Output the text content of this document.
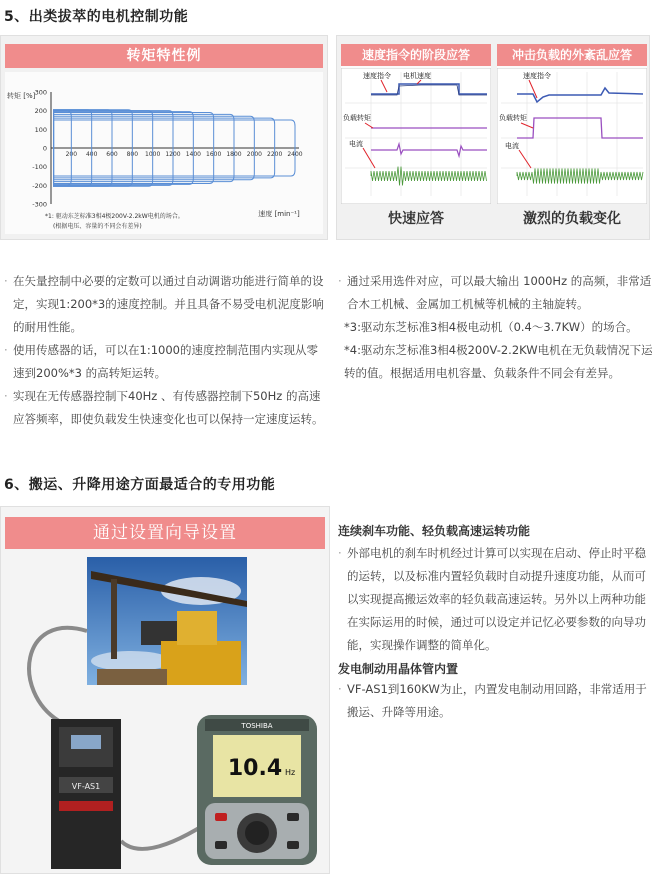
5、出类拔萃的电机控制功能
转矩特性例
转矩 [%] 300
200
100
0
-100
-200
-300
200 400 600 800 1000 1200 1400 1600 1800 2000 2200 2400
速度 [min⁻¹]
*1: 驱动东芝标准3相4极200V-2.2kW电机的场合。
(根据电压、容量的不同会有差异)
速度指令的阶段应答
速度指令 电机速度
负载转矩
电流
快速应答
冲击负载的外紊乱应答
速度指令
负载转矩
电流
激烈的负载变化

· 在矢量控制中必要的定数可以通过自动调谐功能进行简单的设定，实现1:200*3的速度控制。并且具备不易受电机泥度影响的耐用性能。

· 使用传感器的话，可以在1:1000的速度控制范围内实现从零速到200%*3 的高转矩运转。

· 实现在无传感器控制下40Hz 、有传感器控制下50Hz 的高速应答频率，即使负载发生快速变化也可以保持一定速度运转。

· 通过采用选件对应，可以最大输出 1000Hz 的高频，非常适合木工机械、金属加工机械等机械的主轴旋转。

*3:驱动东芝标准3相4极电动机（0.4～3.7KW）的场合。

*4:驱动东芝标准3相4极200V-2.2KW电机在无负载情况下运转的值。根据适用电机容量、负载条件不同会有差异。

6、搬运、升降用途方面最适合的专用功能
通过设置向导设置
VF-AS1
TOSHIBA
10.4 Hz
连续刹车功能、轻负载高速运转功能

· 外部电机的刹车时机经过计算可以实现在启动、停止时平稳的运转，以及标准内置轻负载时自动提升速度功能，从而可以实现提高搬运效率的轻负载高速运转。另外以上两种功能在实际运用的时候，通过可以设定并记忆必要参数的向导功能，实现操作调整的简单化。

发电制动用晶体管内置

· VF-AS1到160KW为止，内置发电制动用回路，非常适用于搬运、升降等用途。
